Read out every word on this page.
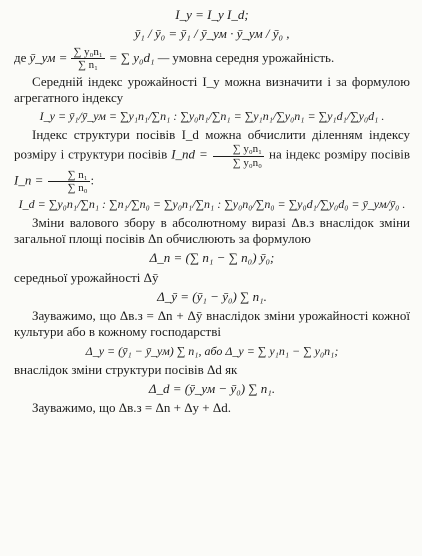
I_y = I_y I_d;
ȳ₁ / ȳ₀ = ȳ₁ / ȳ_ум · ȳ_ум / ȳ₀ ,
де ȳ_ум = $\frac{\text{∑ y₀n₁}}{\text{∑ n₁}}$ = ∑ y₀d₁ — умовна середня урожайність.

Середній індекс урожайності I_y можна визначити і за формулою агрегатного індексу

I_y = ȳ₁/ȳ_ум = ∑y₁n₁/∑n₁ : ∑y₀n₁/∑n₁ = ∑y₁n₁/∑y₀n₁ = ∑y₁d₁/∑y₀d₁ .

Індекс структури посівів I_d можна обчислити діленням індексу розміру і структури посівів I_nd = $\frac{\text{∑ y₀n₁}}{\text{∑ y₀n₀}}$ на індекс розміру посівів I_n = $\frac{\text{∑ n₁}}{\text{∑ n₀}}$ :

I_d = ∑y₀n₁/∑n₁ : ∑n₁/∑n₀ = ∑y₀n₁/∑n₁ : ∑y₀n₀/∑n₀ = ∑y₀d₁/∑y₀d₀ = ȳ_ум/ȳ₀ .

Зміни валового збору в абсолютному виразі Δв.з внаслідок зміни загальної площі посівів Δn обчислюють за формулою

Δ_n = (∑ n₁ − ∑ n₀) ȳ₀;

середньої урожайності Δȳ

Δ_ȳ = (ȳ₁ − ȳ₀) ∑ n₁.

Зауважимо, що Δв.з = Δn + Δȳ внаслідок зміни урожайності кожної культури або в кожному господарстві

Δ_y = (ȳ₁ − ȳ_ум) ∑ n₁, або Δ_y = ∑ y₁n₁ − ∑ y₀n₁;

внаслідок зміни структури посівів Δd як

Δ_d = (ȳ_ум − ȳ₀) ∑ n₁.

Зауважимо, що Δв.з = Δn + Δy + Δd.
